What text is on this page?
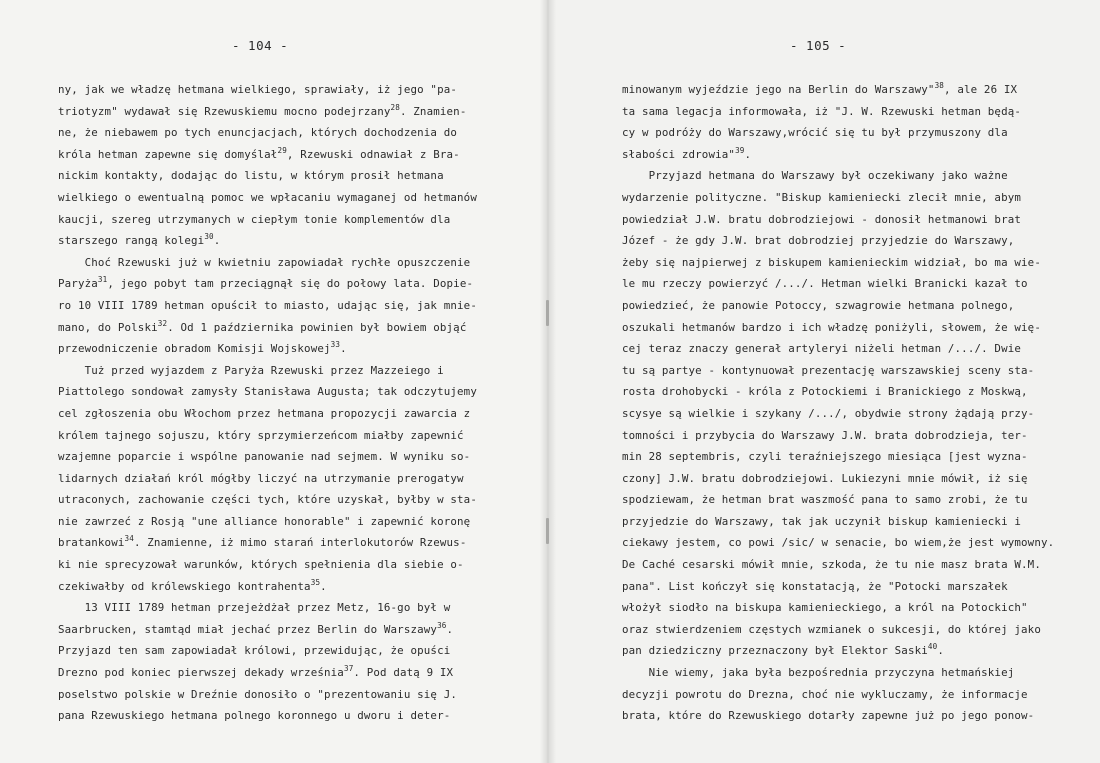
- 104 -
ny, jak we władzę hetmana wielkiego, sprawiały, iż jego "pa-
triotyzm" wydawał się Rzewuskiemu mocno podejrzany$^{28}$. Znamien-
ne, że niebawem po tych enuncjacjach, których dochodzenia do
króla hetman zapewne się domyślał$^{29}$, Rzewuski odnawiał z Bra-
nickim kontakty, dodając do listu, w którym prosił hetmana
wielkiego o ewentualną pomoc we wpłacaniu wymaganej od hetmanów
kaucji, szereg utrzymanych w ciepłym tonie komplementów dla
starszego rangą kolegi$^{30}$.
Choć Rzewuski już w kwietniu zapowiadał rychłe opuszczenie
Paryża$^{31}$, jego pobyt tam przeciągnął się do połowy lata. Dopie-
ro 10 VIII 1789 hetman opuścił to miasto, udając się, jak mnie-
mano, do Polski$^{32}$. Od 1 października powinien był bowiem objąć
przewodniczenie obradom Komisji Wojskowej$^{33}$.
Tuż przed wyjazdem z Paryża Rzewuski przez Mazzeiego i
Piattolego sondował zamysły Stanisława Augusta; tak odczytujemy
cel zgłoszenia obu Włochom przez hetmana propozycji zawarcia z
królem tajnego sojuszu, który sprzymierzeńcom miałby zapewnić
wzajemne poparcie i wspólne panowanie nad sejmem. W wyniku so-
lidarnych działań król mógłby liczyć na utrzymanie prerogatyw
utraconych, zachowanie części tych, które uzyskał, byłby w sta-
nie zawrzeć z Rosją "une alliance honorable" i zapewnić koronę
bratankowi$^{34}$. Znamienne, iż mimo starań interlokutorów Rzewus-
ki nie sprecyzował warunków, których spełnienia dla siebie o-
czekiwałby od królewskiego kontrahenta$^{35}$.
13 VIII 1789 hetman przejeżdżał przez Metz, 16-go był w
Saarbrucken, stamtąd miał jechać przez Berlin do Warszawy$^{36}$.
Przyjazd ten sam zapowiadał królowi, przewidując, że opuści
Drezno pod koniec pierwszej dekady września$^{37}$. Pod datą 9 IX
poselstwo polskie w Dreźnie donosiło o "prezentowaniu się J.
pana Rzewuskiego hetmana polnego koronnego u dworu i deter-
- 105 -
minowanym wyjeździe jego na Berlin do Warszawy"$^{38}$, ale 26 IX
ta sama legacja informowała, iż "J. W. Rzewuski hetman będą-
cy w podróży do Warszawy,wrócić się tu był przymuszony dla
słabości zdrowia"$^{39}$.
Przyjazd hetmana do Warszawy był oczekiwany jako ważne
wydarzenie polityczne. "Biskup kamieniecki zlecił mnie, abym
powiedział J.W. bratu dobrodziejowi - donosił hetmanowi brat
Józef - że gdy J.W. brat dobrodziej przyjedzie do Warszawy,
żeby się najpierwej z biskupem kamienieckim widział, bo ma wie-
le mu rzeczy powierzyć /.../. Hetman wielki Branicki kazał to
powiedzieć, że panowie Potoccy, szwagrowie hetmana polnego,
oszukali hetmanów bardzo i ich władzę poniżyli, słowem, że wię-
cej teraz znaczy generał artyleryi niżeli hetman /.../. Dwie
tu są partye - kontynuował prezentację warszawskiej sceny sta-
rosta drohobycki - króla z Potockiemi i Branickiego z Moskwą,
scysye są wielkie i szykany /.../, obydwie strony żądają przy-
tomności i przybycia do Warszawy J.W. brata dobrodzieja, ter-
min 28 septembris, czyli teraźniejszego miesiąca [jest wyzna-
czony] J.W. bratu dobrodziejowi. Lukiezyni mnie mówił, iż się
spodziewam, że hetman brat waszmość pana to samo zrobi, że tu
przyjedzie do Warszawy, tak jak uczynił biskup kamieniecki i
ciekawy jestem, co powi /sic/ w senacie, bo wiem,że jest wymowny.
De Caché cesarski mówił mnie, szkoda, że tu nie masz brata W.M.
pana". List kończył się konstatacją, że "Potocki marszałek
włożył siodło na biskupa kamienieckiego, a król na Potockich"
oraz stwierdzeniem częstych wzmianek o sukcesji, do której jako
pan dziedziczny przeznaczony był Elektor Saski$^{40}$.
Nie wiemy, jaka była bezpośrednia przyczyna hetmańskiej
decyzji powrotu do Drezna, choć nie wykluczamy, że informacje
brata, które do Rzewuskiego dotarły zapewne już po jego ponow-
